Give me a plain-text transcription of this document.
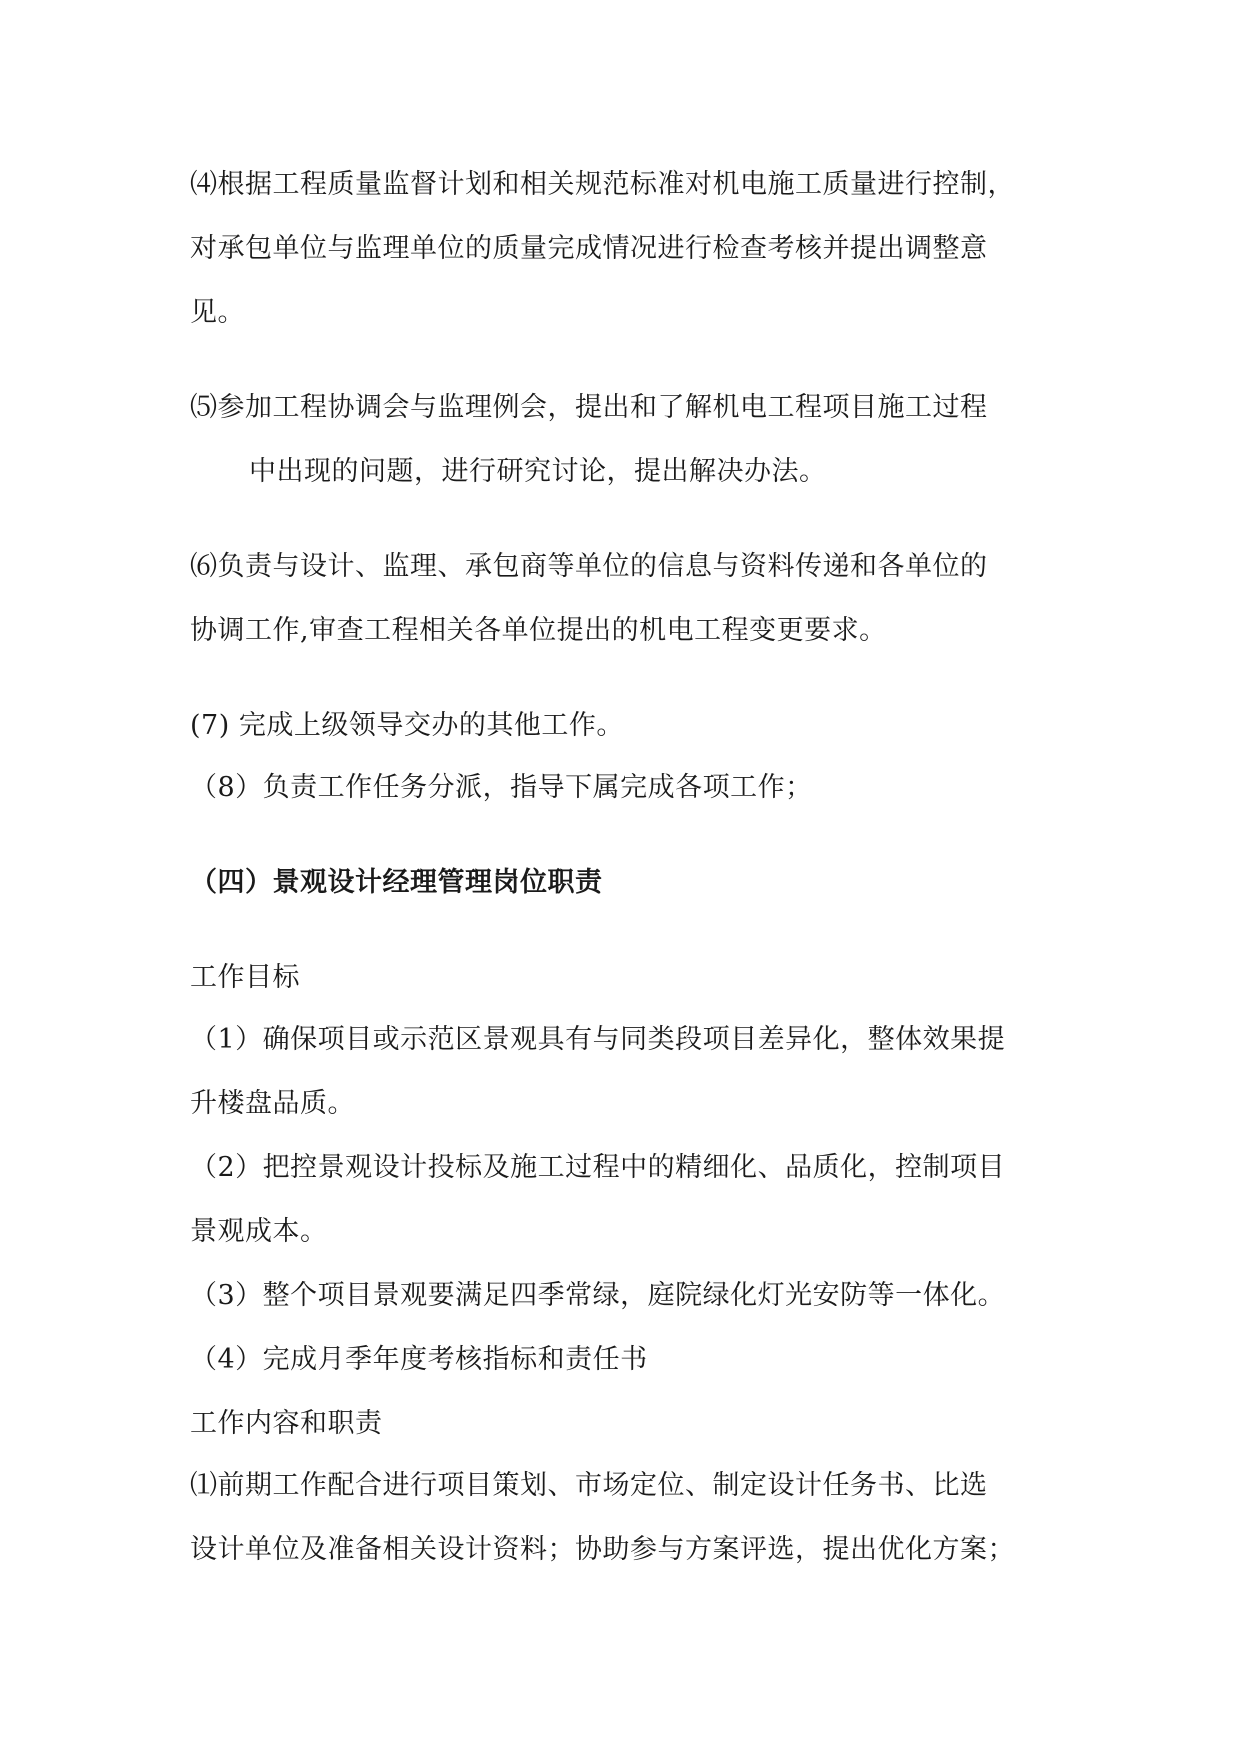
⑷根据工程质量监督计划和相关规范标准对机电施工质量进行控制，
对承包单位与监理单位的质量完成情况进行检查考核并提出调整意
见。
⑸参加工程协调会与监理例会，提出和了解机电工程项目施工过程
中出现的问题，进行研究讨论，提出解决办法。
⑹负责与设计、监理、承包商等单位的信息与资料传递和各单位的
协调工作,审查工程相关各单位提出的机电工程变更要求。
(7) 完成上级领导交办的其他工作。
（8）负责工作任务分派，指导下属完成各项工作；
（四）景观设计经理管理岗位职责
工作目标
（1）确保项目或示范区景观具有与同类段项目差异化，整体效果提
升楼盘品质。
（2）把控景观设计投标及施工过程中的精细化、品质化，控制项目
景观成本。
（3）整个项目景观要满足四季常绿，庭院绿化灯光安防等一体化。
（4）完成月季年度考核指标和责任书
工作内容和职责
⑴前期工作配合进行项目策划、市场定位、制定设计任务书、比选
设计单位及准备相关设计资料；协助参与方案评选，提出优化方案；
